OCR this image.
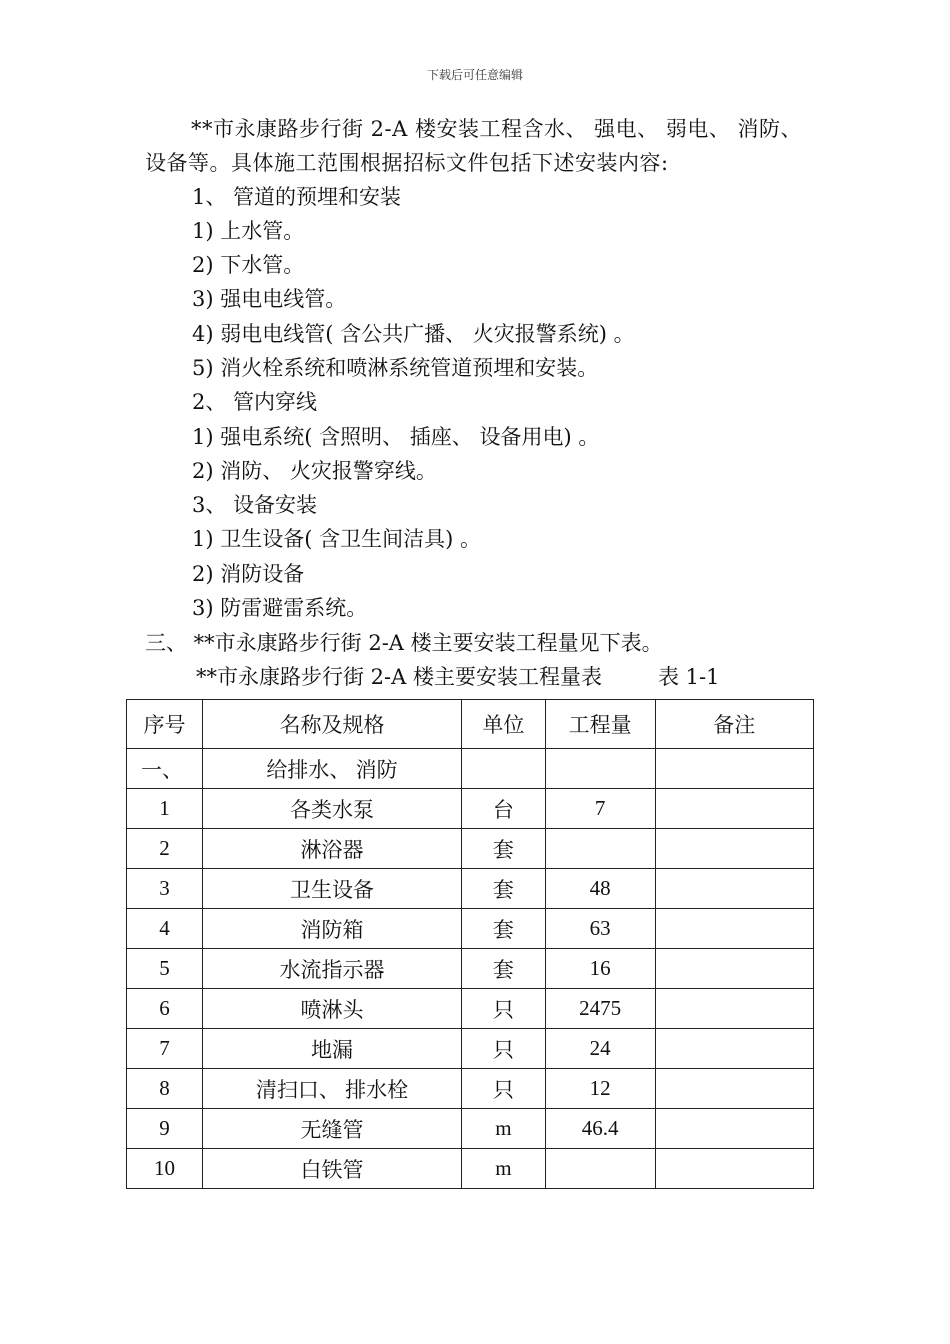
下载后可任意编辑
**市永康路步行街 2-A 楼安装工程含水、 强电、 弱电、 消防、 设备等。具体施工范围根据招标文件包括下述安装内容:
1、 管道的预埋和安装
1) 上水管。
2) 下水管。
3) 强电电线管。
4) 弱电电线管( 含公共广播、 火灾报警系统) 。
5) 消火栓系统和喷淋系统管道预埋和安装。
2、 管内穿线
1) 强电系统( 含照明、 插座、 设备用电) 。
2) 消防、 火灾报警穿线。
3、 设备安装
1) 卫生设备( 含卫生间洁具) 。
2) 消防设备
3) 防雷避雷系统。
三、 **市永康路步行街 2-A 楼主要安装工程量见下表。
**市永康路步行街 2-A 楼主要安装工程量表	表 1-1
序号	名称及规格	单位	工程量	备注
一、	给排水、 消防			
1	各类水泵	台	7	
2	淋浴器	套		
3	卫生设备	套	48	
4	消防箱	套	63	
5	水流指示器	套	16	
6	喷淋头	只	2475	
7	地漏	只	24	
8	清扫口、 排水栓	只	12	
9	无缝管	m	46.4	
10	白铁管	m		
